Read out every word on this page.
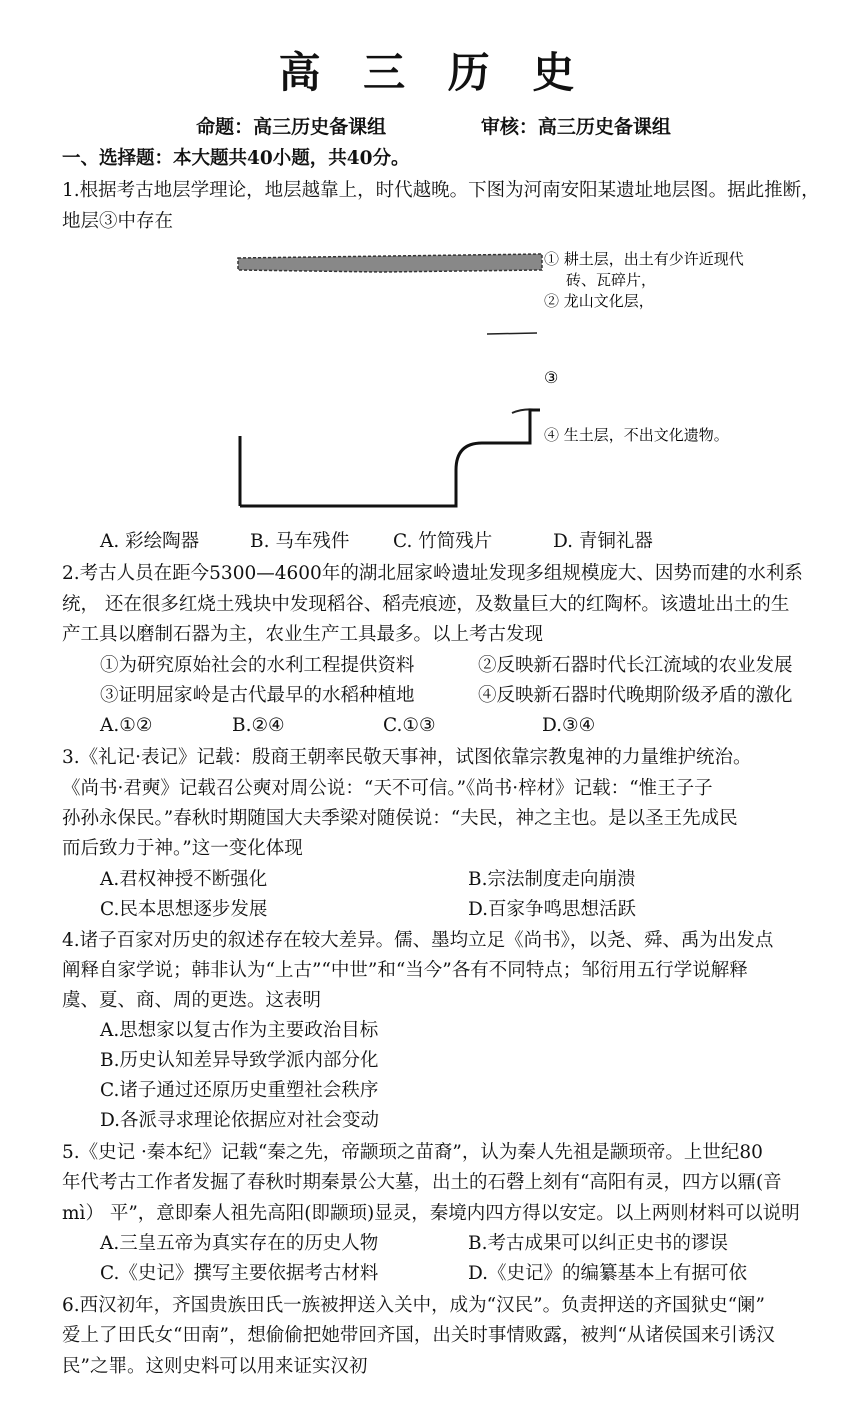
高 三 历 史
命题：高三历史备课组	审核：高三历史备课组
一、选择题：本大题共40小题，共40分。
1.根据考古地层学理论，地层越靠上，时代越晚。下图为河南安阳某遗址地层图。据此推断，
地层③中存在
① 耕土层，出土有少许近现代
砖、瓦碎片，
② 龙山文化层，
③
④ 生土层，不出文化遗物。
A. 彩绘陶器	B. 马车残件 C. 竹简残片	D. 青铜礼器
2.考古人员在距今5300—4600年的湖北屈家岭遗址发现多组规模庞大、因势而建的水利系
统， 还在很多红烧土残块中发现稻谷、稻壳痕迹，及数量巨大的红陶杯。该遗址出土的生
产工具以磨制石器为主，农业生产工具最多。以上考古发现
①为研究原始社会的水利工程提供资料	②反映新石器时代长江流域的农业发展
③证明屈家岭是古代最早的水稻种植地	④反映新石器时代晚期阶级矛盾的激化
A.①②	B.②④	C.①③	D.③④
3.《礼记·表记》记载：殷商王朝率民敬天事神，试图依靠宗教鬼神的力量维护统治。
《尚书·君奭》记载召公奭对周公说：“天不可信。”《尚书·梓材》记载：“惟王子子
孙孙永保民。”春秋时期随国大夫季梁对随侯说：“夫民，神之主也。是以圣王先成民
而后致力于神。”这一变化体现
A.君权神授不断强化	B.宗法制度走向崩溃
C.民本思想逐步发展	D.百家争鸣思想活跃
4.诸子百家对历史的叙述存在较大差异。儒、墨均立足《尚书》，以尧、舜、禹为出发点
阐释自家学说；韩非认为“上古”“中世”和“当今”各有不同特点；邹衍用五行学说解释
虞、夏、商、周的更迭。这表明
A.思想家以复古作为主要政治目标
B.历史认知差异导致学派内部分化
C.诸子通过还原历史重塑社会秩序
D.各派寻求理论依据应对社会变动
5.《史记 ·秦本纪》记载“秦之先，帝颛顼之苗裔”，认为秦人先祖是颛顼帝。上世纪80
年代考古工作者发掘了春秋时期秦景公大墓，出土的石磬上刻有“高阳有灵，四方以鼏(音
mì） 平”，意即秦人祖先高阳(即颛顼)显灵，秦境内四方得以安定。以上两则材料可以说明
A.三皇五帝为真实存在的历史人物	B.考古成果可以纠正史书的谬误
C.《史记》撰写主要依据考古材料	D.《史记》的编纂基本上有据可依
6.西汉初年，齐国贵族田氏一族被押送入关中，成为“汉民”。负责押送的齐国狱史“阑”
爱上了田氏女“田南”，想偷偷把她带回齐国，出关时事情败露，被判“从诸侯国来引诱汉
民”之罪。这则史料可以用来证实汉初
